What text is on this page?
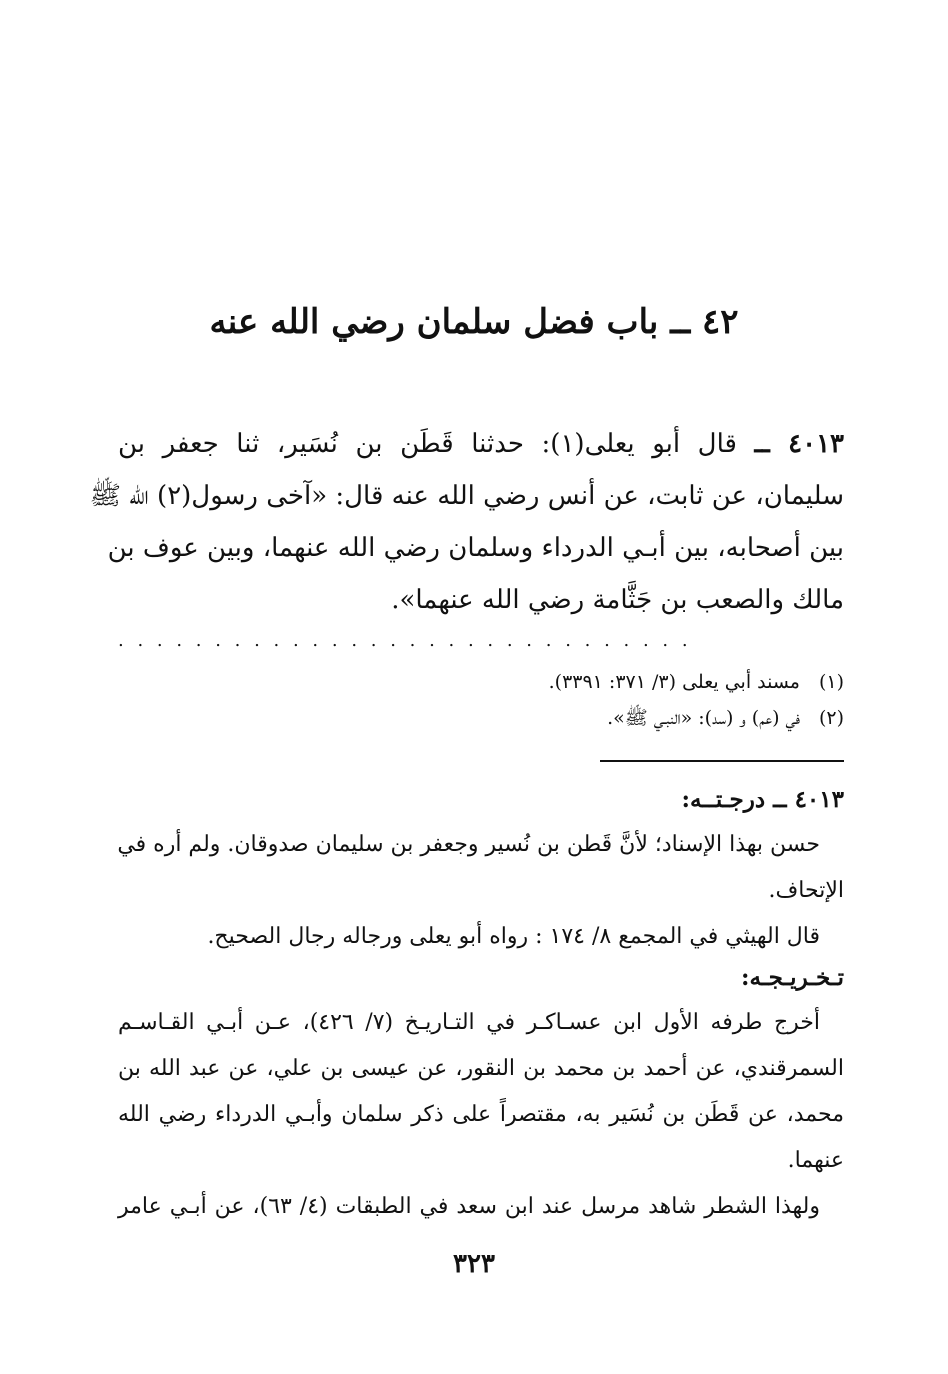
٤٢ ــ باب فضل سلمان رضي الله عنه
٤٠١٣ ــ قال أبو يعلى(١): حدثنا قَطَن بن نُسَير، ثنا جعفر بن
سليمان، عن ثابت، عن أنس رضي الله عنه قال: «آخى رسول(٢) الله ﷺ
بين أصحابه، بين أبـي الدرداء وسلمان رضي الله عنهما، وبين عوف بن
مالك والصعب بن جَثَّامة رضي الله عنهما».
. . . . . . . . . . . . . . . . . . . . . . . . . . . . . .
(١)مسند أبي يعلى (٣/ ٣٧١: ٣٣٩١).
(٢)في (عم) و (سد): «النبـي ﷺ».
٤٠١٣ ــ درجـتــه:
حسن بهذا الإسناد؛ لأنَّ قَطن بن نُسير وجعفر بن سليمان صدوقان. ولم أره في
الإتحاف.
قال الهيثي في المجمع ٨/ ١٧٤ : رواه أبو يعلى ورجاله رجال الصحيح.
تـخـريـجـه:
أخرج طرفه الأول ابن عسـاكـر في التـاريـخ (٧/ ٤٢٦)، عـن أبـي القـاسـم
السمرقندي، عن أحمد بن محمد بن النقور، عن عيسى بن علي، عن عبد الله بن
محمد، عن قَطَن بن نُسَير به، مقتصراً على ذكر سلمان وأبـي الدرداء رضي الله
عنهما.
ولهذا الشطر شاهد مرسل عند ابن سعد في الطبقات (٤/ ٦٣)، عن أبـي عامر
٣٢٣
